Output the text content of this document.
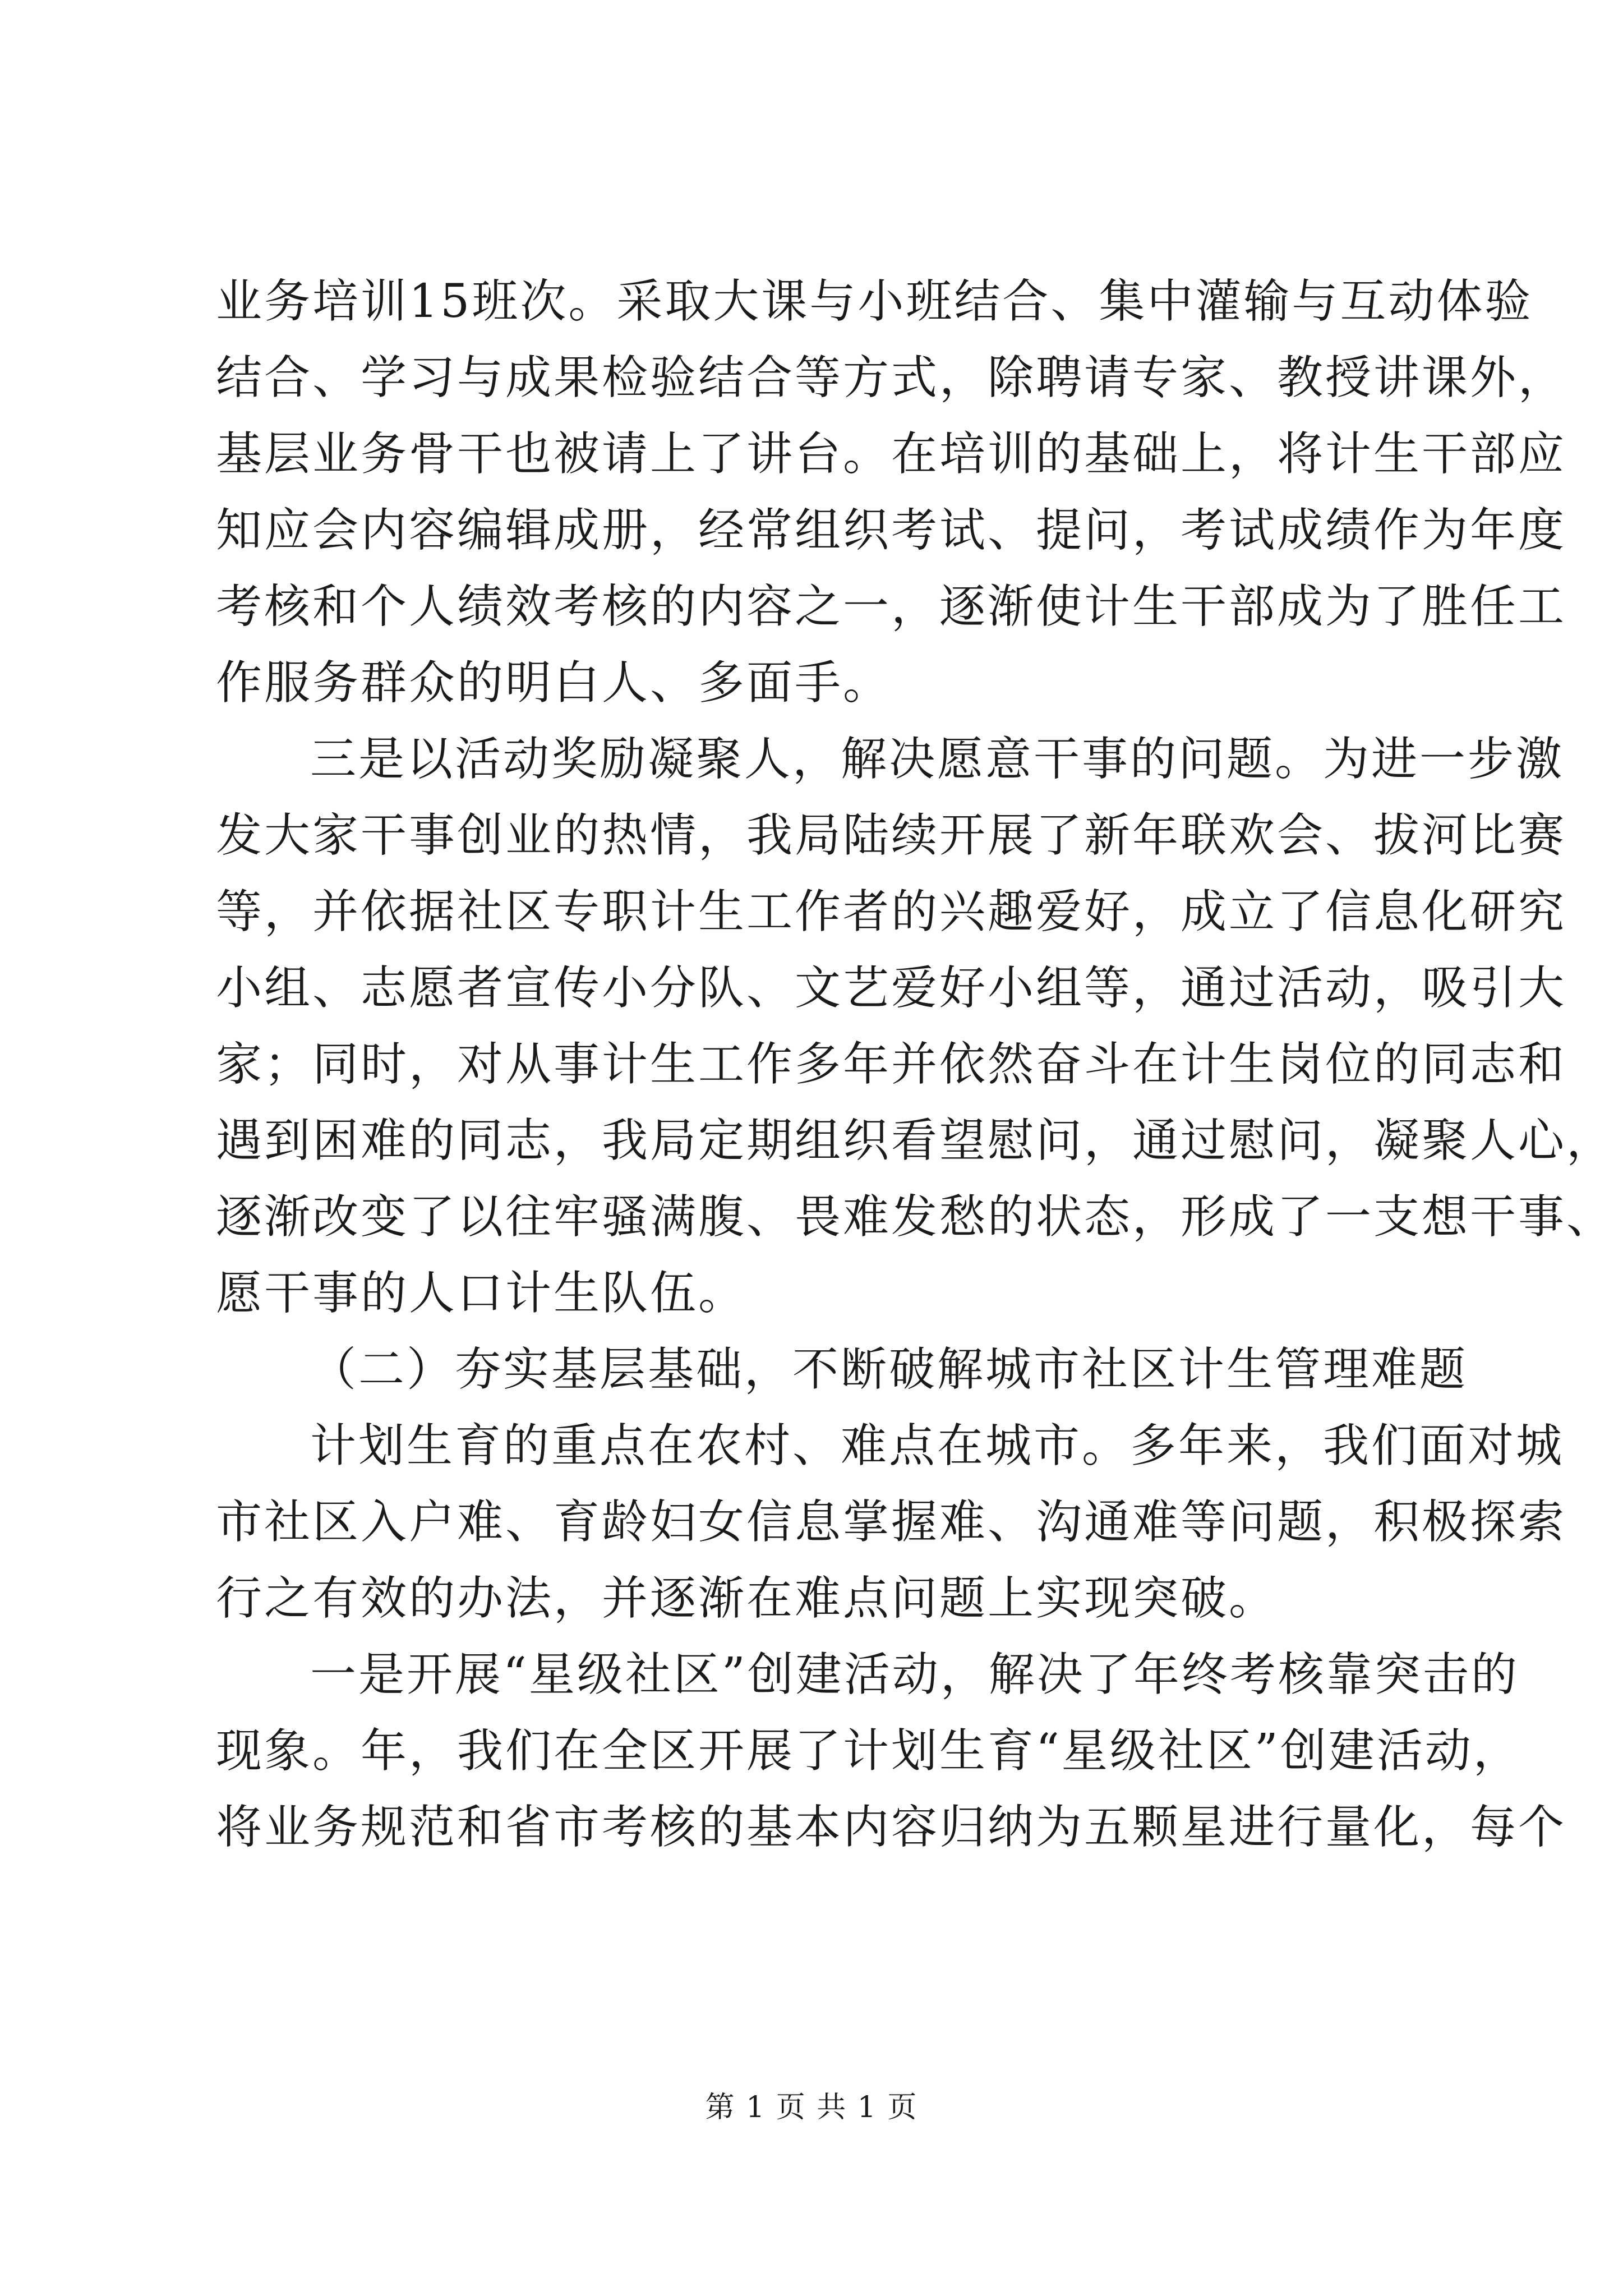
业务培训15班次。采取大课与小班结合、集中灌输与互动体验
结合、学习与成果检验结合等方式，除聘请专家、教授讲课外，
基层业务骨干也被请上了讲台。在培训的基础上，将计生干部应
知应会内容编辑成册，经常组织考试、提问，考试成绩作为年度
考核和个人绩效考核的内容之一，逐渐使计生干部成为了胜任工
作服务群众的明白人、多面手。
三是以活动奖励凝聚人，解决愿意干事的问题。为进一步激
发大家干事创业的热情，我局陆续开展了新年联欢会、拔河比赛
等，并依据社区专职计生工作者的兴趣爱好，成立了信息化研究
小组、志愿者宣传小分队、文艺爱好小组等，通过活动，吸引大
家；同时，对从事计生工作多年并依然奋斗在计生岗位的同志和
遇到困难的同志，我局定期组织看望慰问，通过慰问，凝聚人心，
逐渐改变了以往牢骚满腹、畏难发愁的状态，形成了一支想干事、
愿干事的人口计生队伍。
（二）夯实基层基础，不断破解城市社区计生管理难题
计划生育的重点在农村、难点在城市。多年来，我们面对城
市社区入户难、育龄妇女信息掌握难、沟通难等问题，积极探索
行之有效的办法，并逐渐在难点问题上实现突破。
一是开展“星级社区”创建活动，解决了年终考核靠突击的
现象。年，我们在全区开展了计划生育“星级社区”创建活动，
将业务规范和省市考核的基本内容归纳为五颗星进行量化，每个
第 1 页 共 1 页
